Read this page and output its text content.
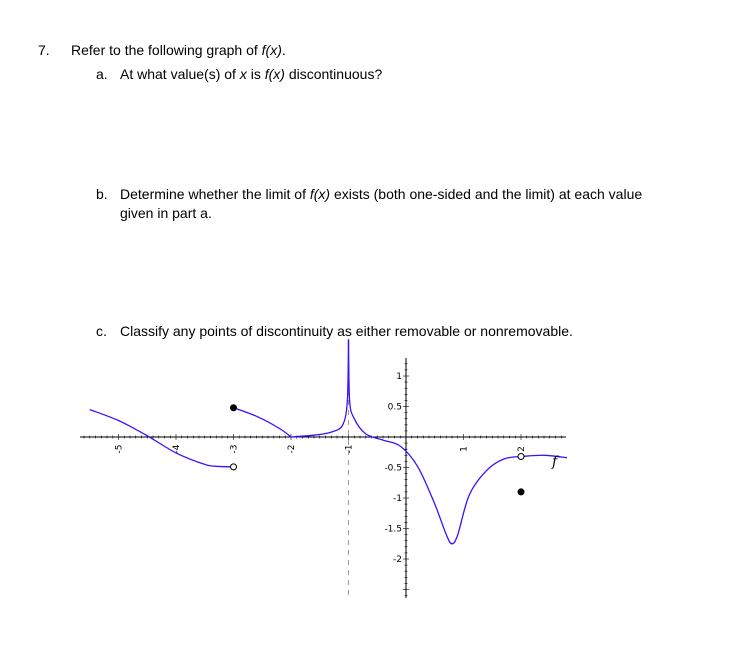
7.	Refer to the following graph of f(x).
a. At what value(s) of x is f(x) discontinuous?
b. Determine whether the limit of f(x) exists (both one-sided and the limit) at each value
given in part a.
c. Classify any points of discontinuity as either removable or nonremovable.
-5	-4	-3	-2	-1	1	2
1
0.5
-0.5
-1
-1.5
-2
f
